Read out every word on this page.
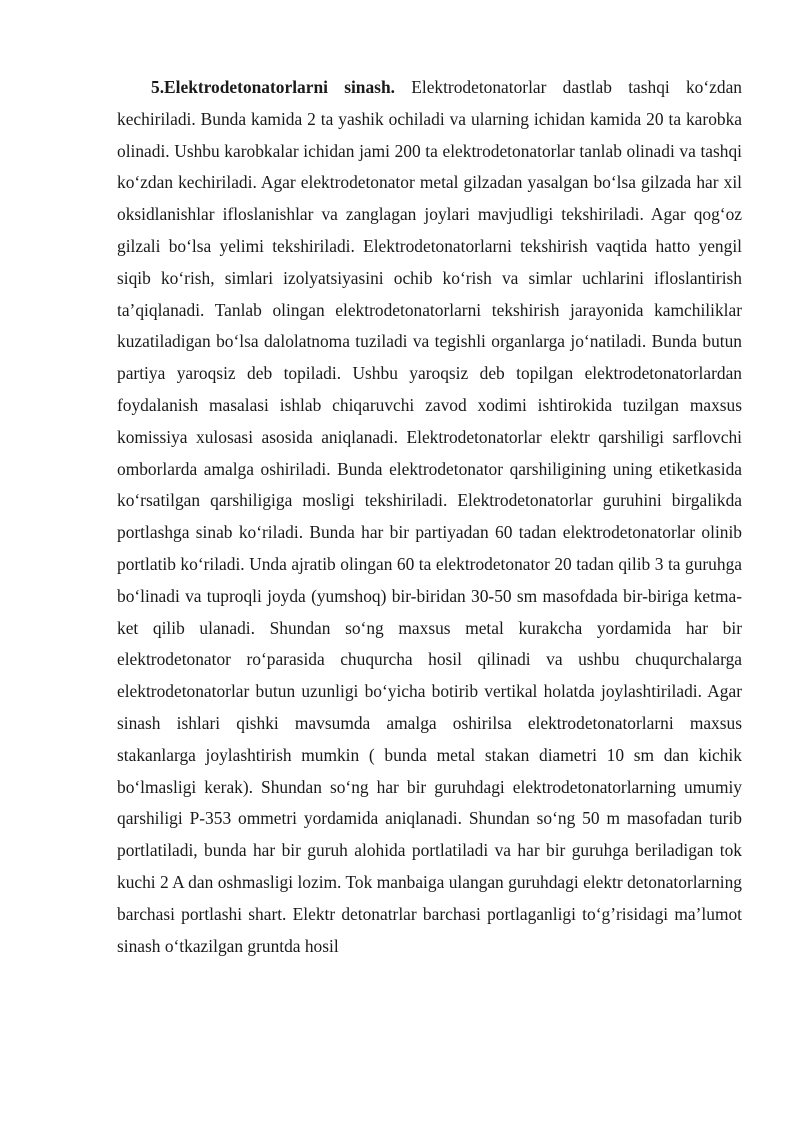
5.Elektrodetonatorlarni sinash. Elektrodetonatorlar dastlab tashqi ko‘zdan kechiriladi. Bunda kamida 2 ta yashik ochiladi va ularning ichidan kamida 20 ta karobka olinadi. Ushbu karobkalar ichidan jami 200 ta elektrodetonatorlar tanlab olinadi va tashqi ko‘zdan kechiriladi. Agar elektrodetonator metal gilzadan yasalgan bo‘lsa gilzada har xil oksidlanishlar ifloslanishlar va zanglagan joylari mavjudligi tekshiriladi. Agar qog‘oz gilzali bo‘lsa yelimi tekshiriladi. Elektrodetonatorlarni tekshirish vaqtida hatto yengil siqib ko‘rish, simlari izolyatsiyasini ochib ko‘rish va simlar uchlarini ifloslantirish ta’qiqlanadi. Tanlab olingan elektrodetonatorlarni tekshirish jarayonida kamchiliklar kuzatiladigan bo‘lsa dalolatnoma tuziladi va tegishli organlarga jo‘natiladi. Bunda butun partiya yaroqsiz deb topiladi. Ushbu yaroqsiz deb topilgan elektrodetonatorlardan foydalanish masalasi ishlab chiqaruvchi zavod xodimi ishtirokida tuzilgan maxsus komissiya xulosasi asosida aniqlanadi. Elektrodetonatorlar elektr qarshiligi sarflovchi omborlarda amalga oshiriladi. Bunda elektrodetonator qarshiligining uning etiketkasida ko‘rsatilgan qarshiligiga mosligi tekshiriladi. Elektrodetonatorlar guruhini birgalikda portlashga sinab ko‘riladi. Bunda har bir partiyadan 60 tadan elektrodetonatorlar olinib portlatib ko‘riladi. Unda ajratib olingan 60 ta elektrodetonator 20 tadan qilib 3 ta guruhga bo‘linadi va tuproqli joyda (yumshoq) bir-biridan 30-50 sm masofdada bir-biriga ketma-ket qilib ulanadi. Shundan so‘ng maxsus metal kurakcha yordamida har bir elektrodetonator ro‘parasida chuqurcha hosil qilinadi va ushbu chuqurchalarga elektrodetonatorlar butun uzunligi bo‘yicha botirib vertikal holatda joylashtiriladi. Agar sinash ishlari qishki mavsumda amalga oshirilsa elektrodetonatorlarni maxsus stakanlarga joylashtirish mumkin ( bunda metal stakan diametri 10 sm dan kichik bo‘lmasligi kerak). Shundan so‘ng har bir guruhdagi elektrodetonatorlarning umumiy qarshiligi P-353 ommetri yordamida aniqlanadi. Shundan so‘ng 50 m masofadan turib portlatiladi, bunda har bir guruh alohida portlatiladi va har bir guruhga beriladigan tok kuchi 2 A dan oshmasligi lozim. Tok manbaiga ulangan guruhdagi elektr detonatorlarning barchasi portlashi shart. Elektr detonatrlar barchasi portlaganligi to‘g’risidagi ma’lumot sinash o‘tkazilgan gruntda hosil
